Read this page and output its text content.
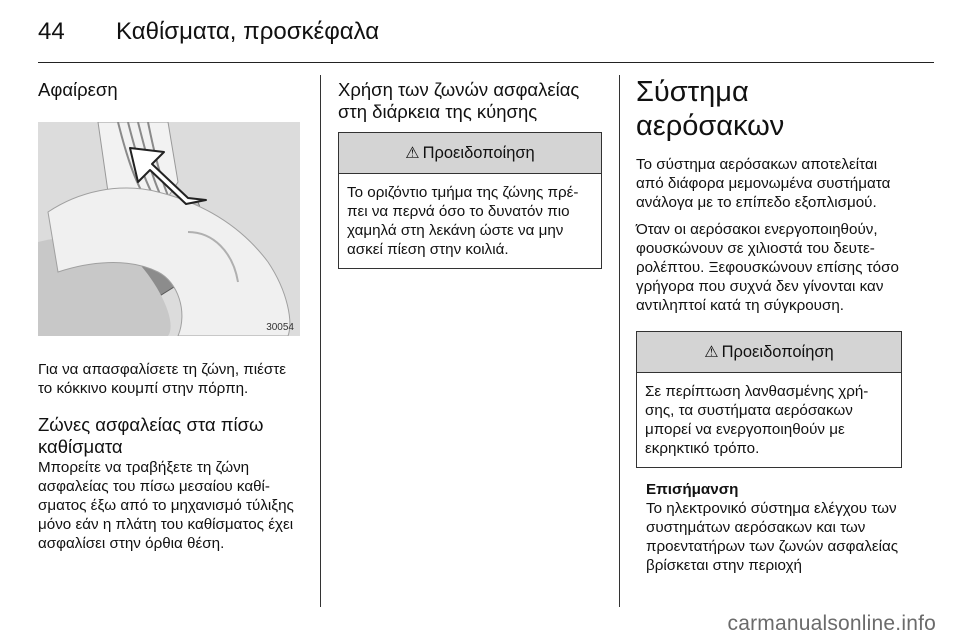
44 Καθίσματα, προσκέφαλα
Αφαίρεση
30054

Για να απασφαλίσετε τη ζώνη, πιέστε το κόκκινο κουμπί στην πόρπη.

Ζώνες ασφαλείας στα πίσω καθίσματα

Μπορείτε να τραβήξετε τη ζώνη ασφαλείας του πίσω μεσαίου καθί-σματος έξω από το μηχανισμό τύλιξης μόνο εάν η πλάτη του καθίσματος έχει ασφαλίσει στην όρθια θέση.

Χρήση των ζωνών ασφαλείας στη διάρκεια της κύησης
⚠ Προειδοποίηση

Το οριζόντιο τμήμα της ζώνης πρέ-πει να περνά όσο το δυνατόν πιο χαμηλά στη λεκάνη ώστε να μην ασκεί πίεση στην κοιλιά.

Σύστημα αερόσακων

Το σύστημα αερόσακων αποτελείται από διάφορα μεμονωμένα συστήματα ανάλογα με το επίπεδο εξοπλισμού.

Όταν οι αερόσακοι ενεργοποιηθούν, φουσκώνουν σε χιλιοστά του δευτε-ρολέπτου. Ξεφουσκώνουν επίσης τόσο γρήγορα που συχνά δεν γίνονται καν αντιληπτοί κατά τη σύγκρουση.

⚠ Προειδοποίηση

Σε περίπτωση λανθασμένης χρή-σης, τα συστήματα αερόσακων μπορεί να ενεργοποιηθούν με εκρηκτικό τρόπο.

Επισήμανση

Το ηλεκτρονικό σύστημα ελέγχου των συστημάτων αερόσακων και των προεντατήρων των ζωνών ασφαλείας βρίσκεται στην περιοχή

carmanualsonline.info
